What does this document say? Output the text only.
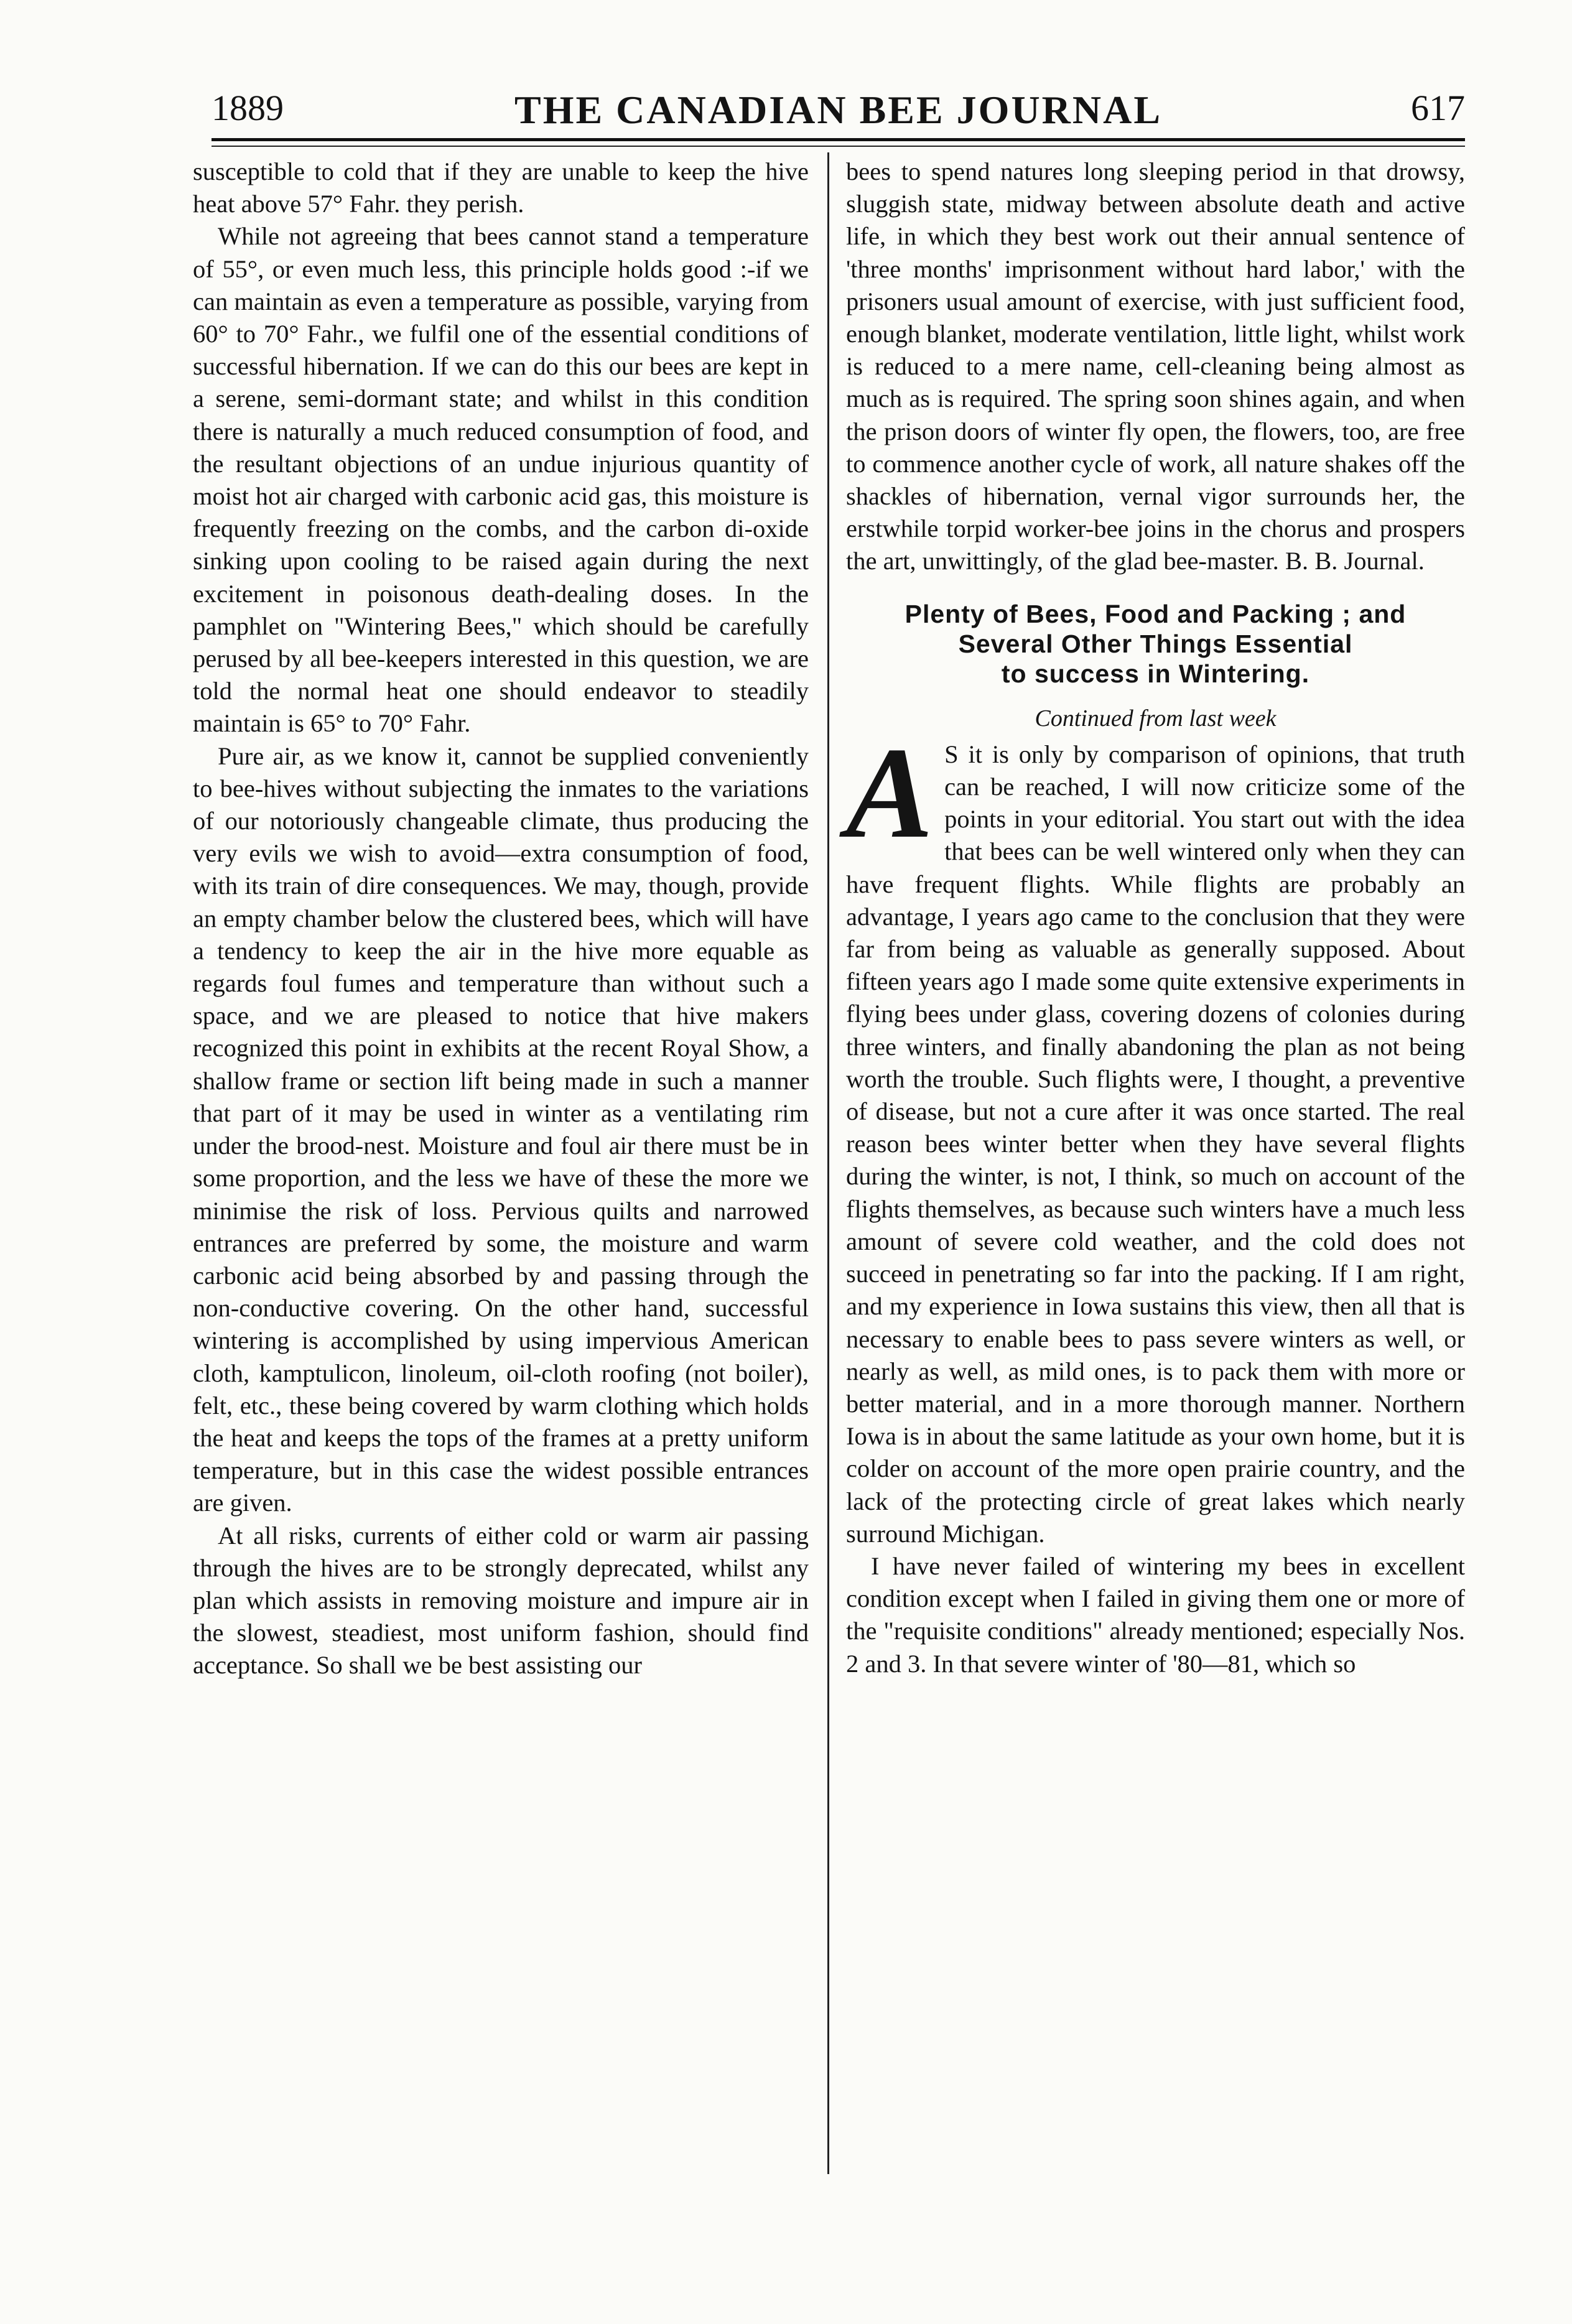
1889	THE CANADIAN BEE JOURNAL	617

susceptible to cold that if they are unable to keep the hive heat above 57° Fahr. they perish.

While not agreeing that bees cannot stand a temperature of 55°, or even much less, this principle holds good :-if we can maintain as even a temperature as possible, varying from 60° to 70° Fahr., we fulfil one of the essential conditions of successful hibernation. If we can do this our bees are kept in a serene, semi-dormant state; and whilst in this condition there is naturally a much reduced consumption of food, and the resultant objections of an undue injurious quantity of moist hot air charged with carbonic acid gas, this moisture is frequently freezing on the combs, and the carbon di-oxide sinking upon cooling to be raised again during the next excitement in poisonous death-dealing doses. In the pamphlet on "Wintering Bees," which should be carefully perused by all bee-keepers interested in this question, we are told the normal heat one should endeavor to steadily maintain is 65° to 70° Fahr.

Pure air, as we know it, cannot be supplied conveniently to bee-hives without subjecting the inmates to the variations of our notoriously changeable climate, thus producing the very evils we wish to avoid—extra consumption of food, with its train of dire consequences. We may, though, provide an empty chamber below the clustered bees, which will have a tendency to keep the air in the hive more equable as regards foul fumes and temperature than without such a space, and we are pleased to notice that hive makers recognized this point in exhibits at the recent Royal Show, a shallow frame or section lift being made in such a manner that part of it may be used in winter as a ventilating rim under the brood-nest. Moisture and foul air there must be in some proportion, and the less we have of these the more we minimise the risk of loss. Pervious quilts and narrowed entrances are preferred by some, the moisture and warm carbonic acid being absorbed by and passing through the non-conductive covering. On the other hand, successful wintering is accomplished by using impervious American cloth, kamptulicon, linoleum, oil-cloth roofing (not boiler), felt, etc., these being covered by warm clothing which holds the heat and keeps the tops of the frames at a pretty uniform temperature, but in this case the widest possible entrances are given.

At all risks, currents of either cold or warm air passing through the hives are to be strongly deprecated, whilst any plan which assists in removing moisture and impure air in the slowest, steadiest, most uniform fashion, should find acceptance. So shall we be best assisting our

bees to spend natures long sleeping period in that drowsy, sluggish state, midway between absolute death and active life, in which they best work out their annual sentence of 'three months' imprisonment without hard labor,' with the prisoners usual amount of exercise, with just sufficient food, enough blanket, moderate ventilation, little light, whilst work is reduced to a mere name, cell-cleaning being almost as much as is required. The spring soon shines again, and when the prison doors of winter fly open, the flowers, too, are free to commence another cycle of work, all nature shakes off the shackles of hibernation, vernal vigor surrounds her, the erstwhile torpid worker-bee joins in the chorus and prospers the art, unwittingly, of the glad bee-master. B. B. Journal.

Plenty of Bees, Food and Packing ; and
Several Other Things Essential
to success in Wintering.
Continued from last week

A S it is only by comparison of opinions, that truth can be reached, I will now criticize some of the points in your editorial. You start out with the idea that bees can be well wintered only when they can have frequent flights. While flights are probably an advantage, I years ago came to the conclusion that they were far from being as valuable as generally supposed. About fifteen years ago I made some quite extensive experiments in flying bees under glass, covering dozens of colonies during three winters, and finally abandoning the plan as not being worth the trouble. Such flights were, I thought, a preventive of disease, but not a cure after it was once started. The real reason bees winter better when they have several flights during the winter, is not, I think, so much on account of the flights themselves, as because such winters have a much less amount of severe cold weather, and the cold does not succeed in penetrating so far into the packing. If I am right, and my experience in Iowa sustains this view, then all that is necessary to enable bees to pass severe winters as well, or nearly as well, as mild ones, is to pack them with more or better material, and in a more thorough manner. Northern Iowa is in about the same latitude as your own home, but it is colder on account of the more open prairie country, and the lack of the protecting circle of great lakes which nearly surround Michigan.

I have never failed of wintering my bees in excellent condition except when I failed in giving them one or more of the "requisite conditions" already mentioned; especially Nos. 2 and 3. In that severe winter of '80—81, which so
